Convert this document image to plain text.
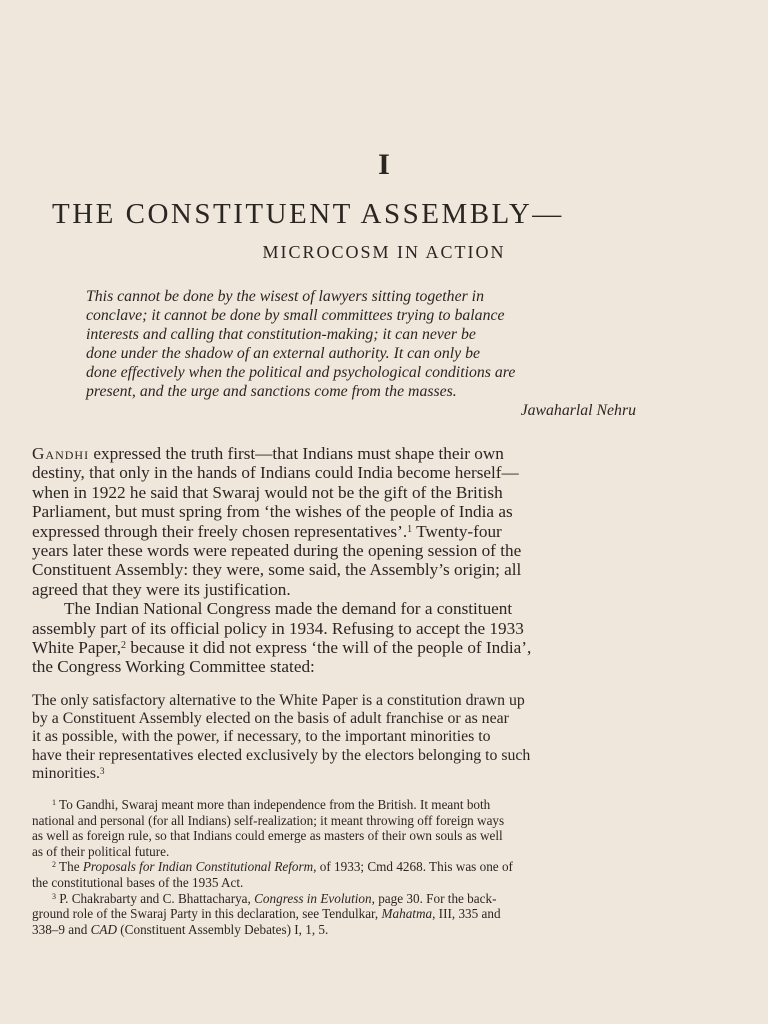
I
THE CONSTITUENT ASSEMBLY—
MICROCOSM IN ACTION
This cannot be done by the wisest of lawyers sitting together in
conclave; it cannot be done by small committees trying to balance
interests and calling that constitution-making; it can never be
done under the shadow of an external authority. It can only be
done effectively when the political and psychological conditions are
present, and the urge and sanctions come from the masses.
Jawaharlal Nehru
Gandhi expressed the truth first—that Indians must shape their own
destiny, that only in the hands of Indians could India become herself—
when in 1922 he said that Swaraj would not be the gift of the British
Parliament, but must spring from ‘the wishes of the people of India as
expressed through their freely chosen representatives’.$^1$ Twenty-four
years later these words were repeated during the opening session of the
Constituent Assembly: they were, some said, the Assembly’s origin; all
agreed that they were its justification.
The Indian National Congress made the demand for a constituent
assembly part of its official policy in 1934. Refusing to accept the 1933
White Paper,$^2$ because it did not express ‘the will of the people of India’,
the Congress Working Committee stated:
The only satisfactory alternative to the White Paper is a constitution drawn up
by a Constituent Assembly elected on the basis of adult franchise or as near
it as possible, with the power, if necessary, to the important minorities to
have their representatives elected exclusively by the electors belonging to such
minorities.$^3$
$^1$ To Gandhi, Swaraj meant more than independence from the British. It meant both
national and personal (for all Indians) self-realization; it meant throwing off foreign ways
as well as foreign rule, so that Indians could emerge as masters of their own souls as well
as of their political future.
$^2$ The Proposals for Indian Constitutional Reform, of 1933; Cmd 4268. This was one of
the constitutional bases of the 1935 Act.
$^3$ P. Chakrabarty and C. Bhattacharya, Congress in Evolution, page 30. For the back-
ground role of the Swaraj Party in this declaration, see Tendulkar, Mahatma, III, 335 and
338–9 and CAD (Constituent Assembly Debates) I, 1, 5.
